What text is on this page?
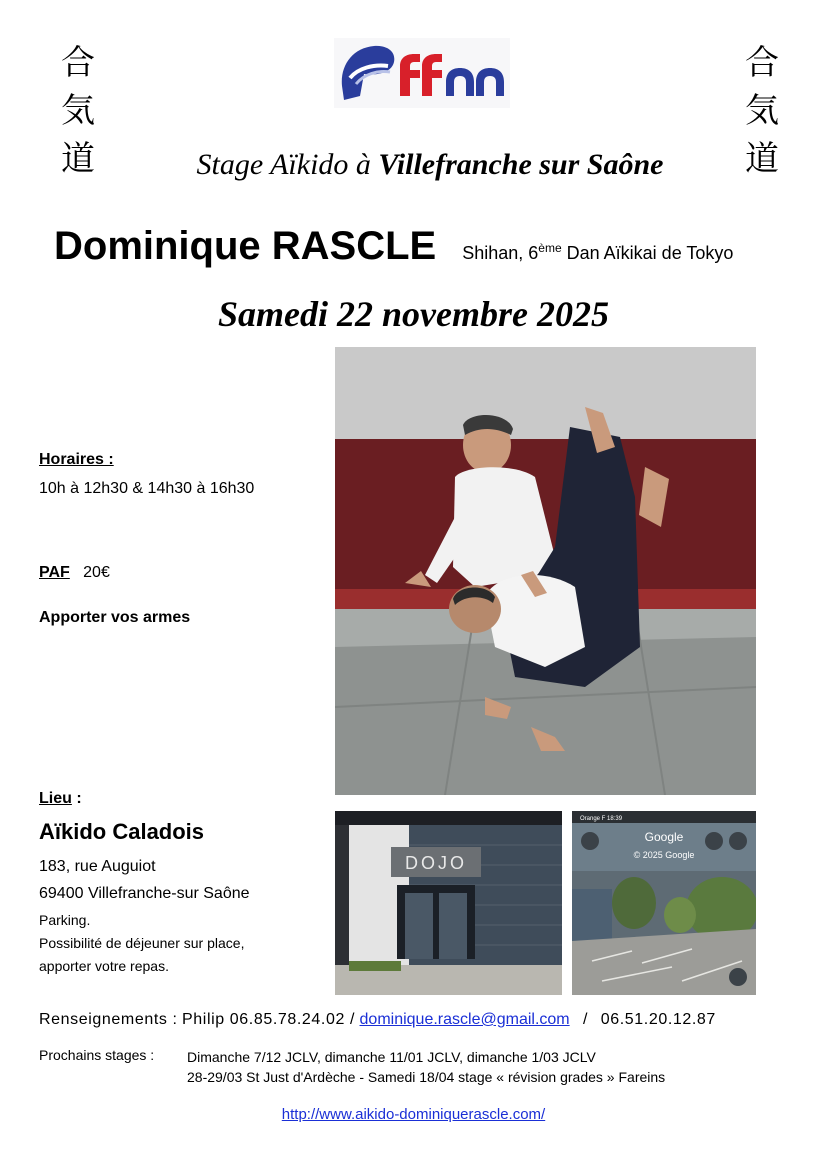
合
気
道
合
気
道
Stage Aïkido à Villefranche sur Saône
Dominique RASCLE Shihan, 6ème Dan Aïkikai de Tokyo
Samedi 22 novembre 2025
Horaires :
10h à 12h30 & 14h30 à 16h30
PAF 20€
Apporter vos armes
Lieu :
Aïkido Caladois
183, rue Auguiot
69400 Villefranche-sur Saône
Parking.
Possibilité de déjeuner sur place,
apporter votre repas.
DOJO
Orange F 18:39
Google
© 2025 Google
Renseignements : Philip 06.85.78.24.02 / dominique.rascle@gmail.com / 06.51.20.12.87
Prochains stages : Dimanche 7/12 JCLV, dimanche 11/01 JCLV, dimanche 1/03 JCLV
28-29/03 St Just d'Ardèche - Samedi 18/04 stage « révision grades » Fareins
http://www.aikido-dominiquerascle.com/
